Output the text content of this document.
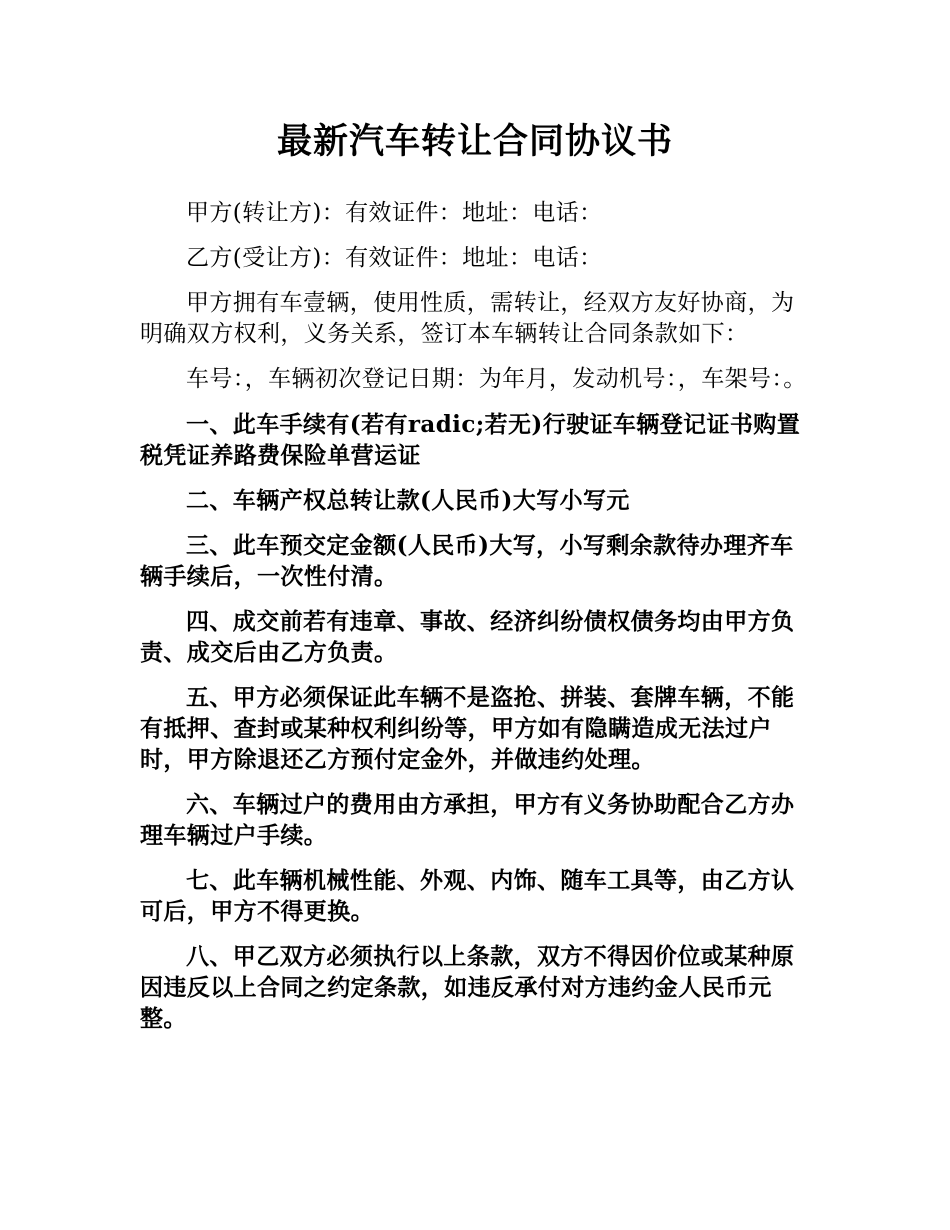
最新汽车转让合同协议书

甲方(转让方)：有效证件：地址：电话：

乙方(受让方)：有效证件：地址：电话：

甲方拥有车壹辆，使用性质，需转让，经双方友好协商，为明确双方权利，义务关系，签订本车辆转让合同条款如下：

车号：，车辆初次登记日期：为年月，发动机号：，车架号：。

一、此车手续有(若有radic;若无)行驶证车辆登记证书购置税凭证养路费保险单营运证

二、车辆产权总转让款(人民币)大写小写元

三、此车预交定金额(人民币)大写，小写剩余款待办理齐车辆手续后，一次性付清。

四、成交前若有违章、事故、经济纠纷债权债务均由甲方负责、成交后由乙方负责。

五、甲方必须保证此车辆不是盗抢、拼装、套牌车辆，不能有抵押、查封或某种权利纠纷等，甲方如有隐瞒造成无法过户时，甲方除退还乙方预付定金外，并做违约处理。

六、车辆过户的费用由方承担，甲方有义务协助配合乙方办理车辆过户手续。

七、此车辆机械性能、外观、内饰、随车工具等，由乙方认可后，甲方不得更换。

八、甲乙双方必须执行以上条款，双方不得因价位或某种原因违反以上合同之约定条款，如违反承付对方违约金人民币元整。
